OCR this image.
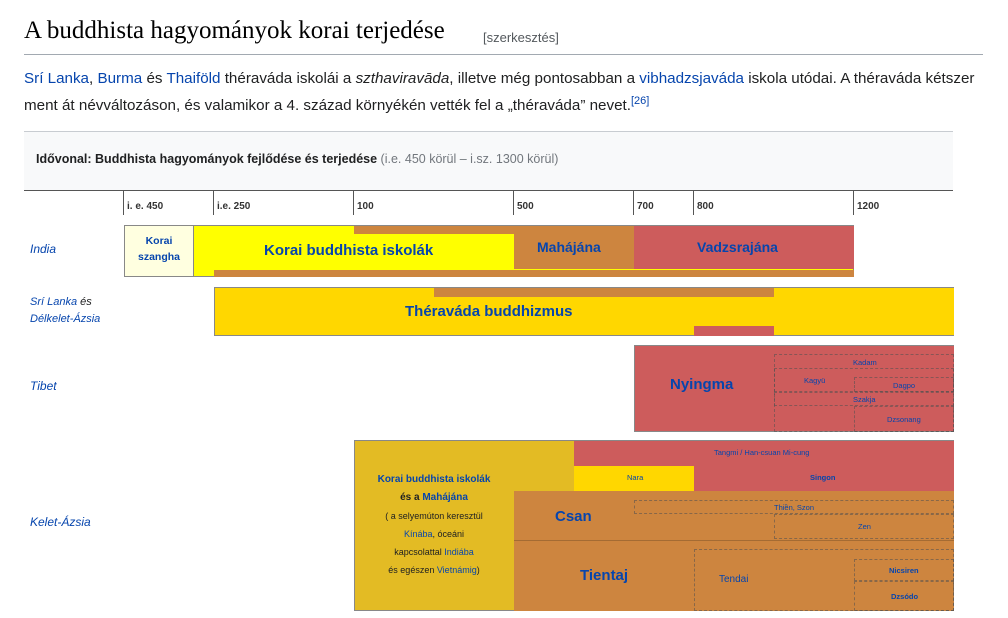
A buddhista hagyományok korai terjedése	[szerkesztés]
Srí Lanka, Burma és Thaiföld théraváda iskolái a szthaviravāda, illetve még pontosabban a vibhadzsjaváda iskola utódai. A théraváda kétszer ment át névváltozáson, és valamikor a 4. század környékén vették fel a „théraváda” nevet.[26]
Idővonal: Buddhista hagyományok fejlődése és terjedése (i.e. 450 körül – i.sz. 1300 körül)
i. e. 450	i.e. 250	100	500	700	800	1200
India
Srí Lanka és
Délkelet-Ázsia
Tibet
Kelet-Ázsia
Korai
szangha	Korai buddhista iskolák	Mahájána	Vadzsrajána
Théraváda buddhizmus
Nyingma
Kadam
Kagyü
Dagpo
Szakja
Dzsonang
Tangmi / Han-csuan Mi-cung
Nara	Singon
Csan
Thiền, Szon
Zen
Tientaj	Tendai
Nicsiren
Dzsódo
Korai buddhista iskolák
és a Mahájána
( a selyemúton keresztül
Kínába, óceáni
kapcsolattal Indiába
és egészen Vietnámig)
